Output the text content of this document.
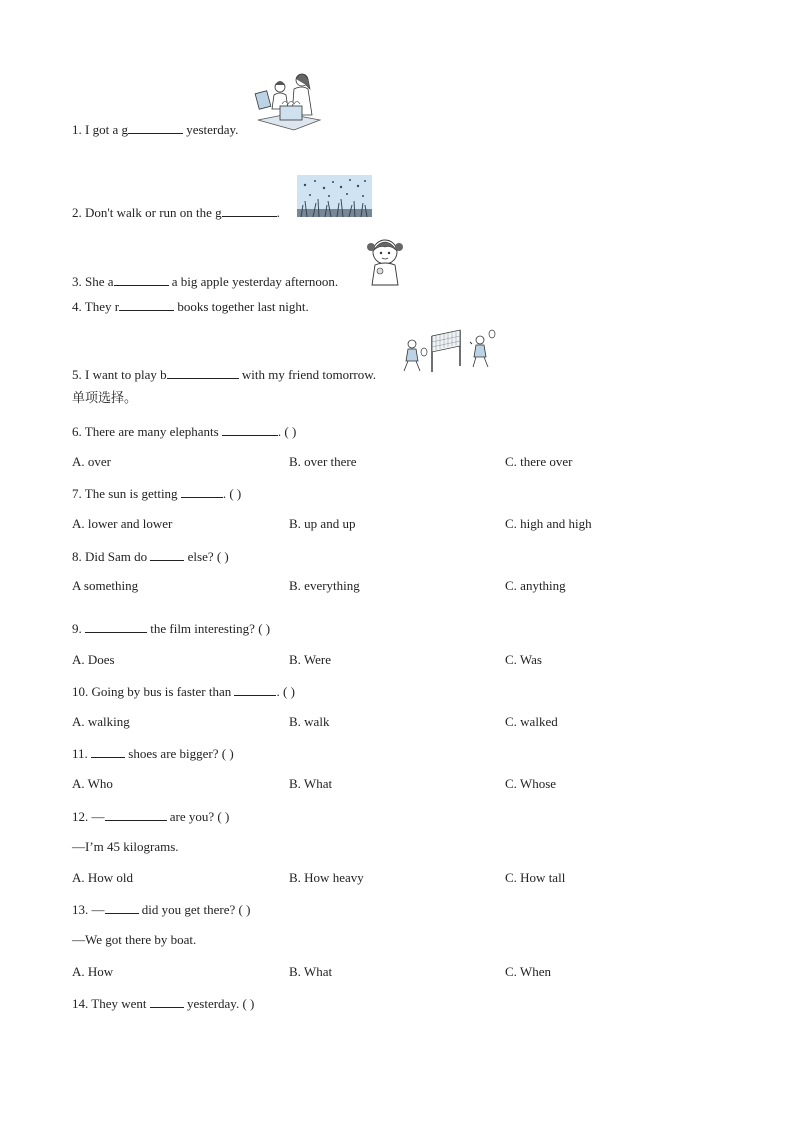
1. I got a g	yesterday.
2. Don't walk or run on the g	.
3. She a	a big apple yesterday afternoon.
4. They r	books together last night.
5. I want to play b	with my friend tomorrow.
单项选择。
6. There are many elephants	. ( )
A. over	B. over there	C. there over
7. The sun is getting	. ( )
A. lower and lower	B. up and up	C. high and high
8. Did Sam do	else? ( )
A something	B. everything	C. anything
9.	the film interesting? ( )
A. Does	B. Were	C. Was
10. Going by bus is faster than	. ( )
A. walking	B. walk	C. walked
11.	shoes are bigger? ( )
A. Who	B. What	C. Whose
12. —	are you? ( )
—I’m 45 kilograms.
A. How old	B. How heavy	C. How tall
13. —	did you get there? ( )
—We got there by boat.
A. How	B. What	C. When
14. They went	yesterday. ( )
